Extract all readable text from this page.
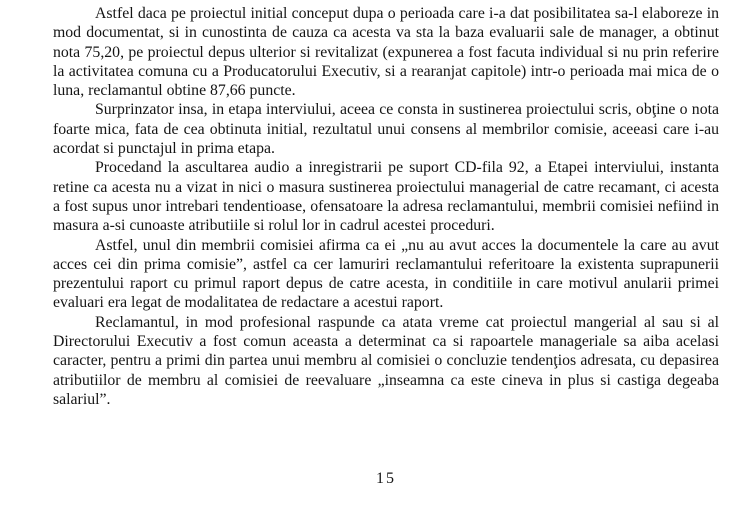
Astfel daca pe proiectul initial conceput dupa o perioada care i-a dat posibilitatea sa-l elaboreze in mod documentat, si in cunostinta de cauza ca acesta va sta la baza evaluarii sale de manager, a obtinut nota 75,20, pe proiectul depus ulterior si revitalizat (expunerea a fost facuta individual si nu prin referire la activitatea comuna cu a Producatorului Executiv, si a rearanjat capitole) intr-o perioada mai mica de o luna, reclamantul obtine 87,66 puncte.

Surprinzator insa, in etapa interviului, aceea ce consta in sustinerea proiectului scris, obţine o nota foarte mica, fata de cea obtinuta initial, rezultatul unui consens al membrilor comisie, aceeasi care i-au acordat si punctajul in prima etapa.

Procedand la ascultarea audio a inregistrarii pe suport CD-fila 92, a Etapei interviului, instanta retine ca acesta nu a vizat in nici o masura sustinerea proiectului managerial de catre recamant, ci acesta a fost supus unor intrebari tendentioase, ofensatoare la adresa reclamantului, membrii comisiei nefiind in masura a-si cunoaste atributiile si rolul lor in cadrul acestei proceduri.

Astfel, unul din membrii comisiei afirma ca ei „nu au avut acces la documentele la care au avut acces cei din prima comisie”, astfel ca cer lamuriri reclamantului referitoare la existenta suprapunerii prezentului raport cu primul raport depus de catre acesta, in conditiile in care motivul anularii primei evaluari era legat de modalitatea de redactare a acestui raport.

Reclamantul, in mod profesional raspunde ca atata vreme cat proiectul mangerial al sau si al Directorului Executiv a fost comun aceasta a determinat ca si rapoartele manageriale sa aiba acelasi caracter, pentru a primi din partea unui membru al comisiei o concluzie tendenţios adresata, cu depasirea atributiilor de membru al comisiei de reevaluare „inseamna ca este cineva in plus si castiga degeaba salariul”.

15
